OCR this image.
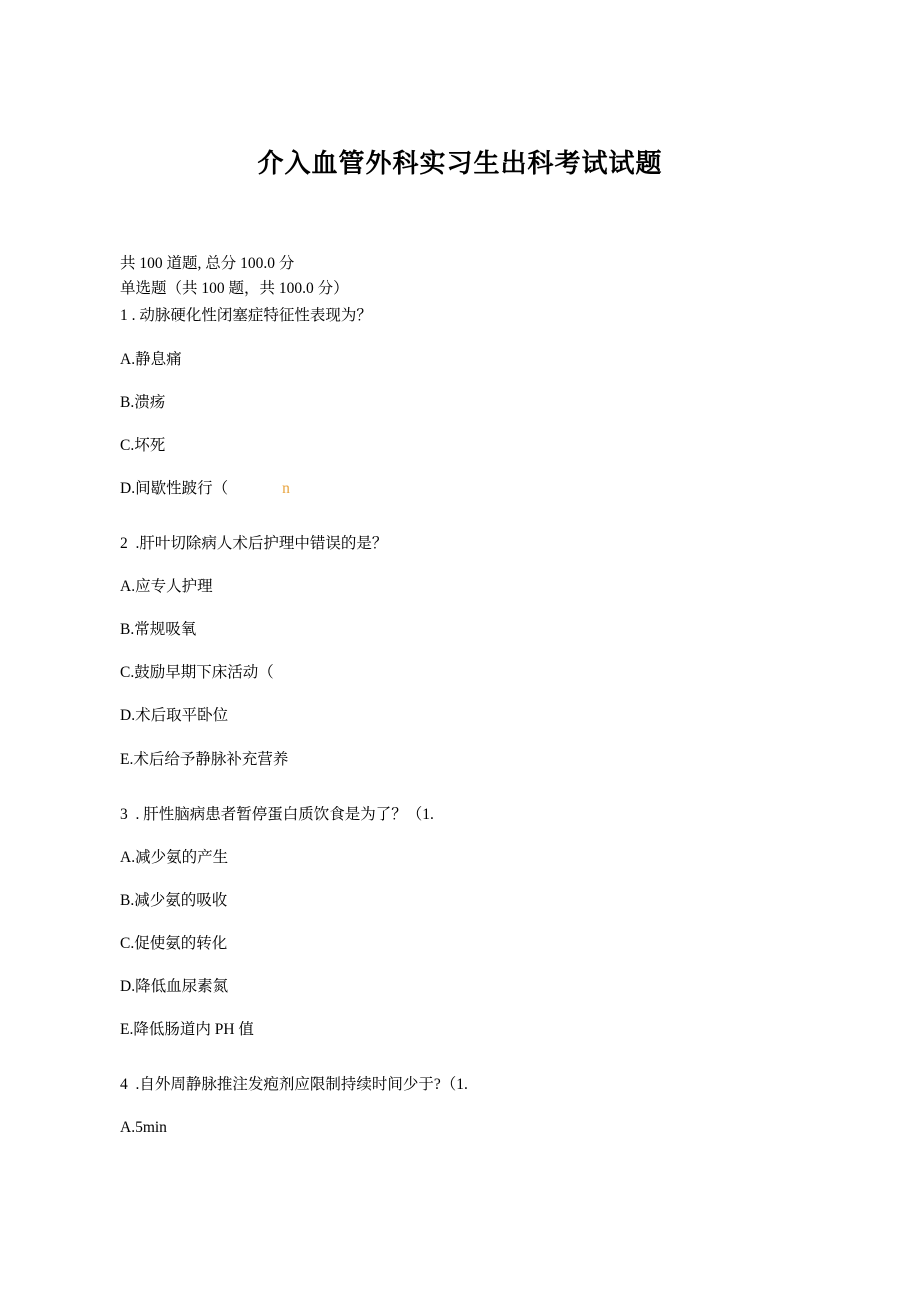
介入血管外科实习生出科考试试题
共 100 道题, 总分 100.0 分
单选题（共 100 题，共 100.0 分）
1 . 动脉硬化性闭塞症特征性表现为？
A.静息痛
B.溃疡
C.坏死
D.间歇性跛行（	n
2  .肝叶切除病人术后护理中错误的是？
A.应专人护理
B.常规吸氧
C.鼓励早期下床活动（
D.术后取平卧位
E.术后给予静脉补充营养
3  . 肝性脑病患者暂停蛋白质饮食是为了？（1.
A.减少氨的产生
B.减少氨的吸收
C.促使氨的转化
D.降低血尿素氮
E.降低肠道内 PH 值
4  .自外周静脉推注发疱剂应限制持续时间少于?（1.
A.5min
